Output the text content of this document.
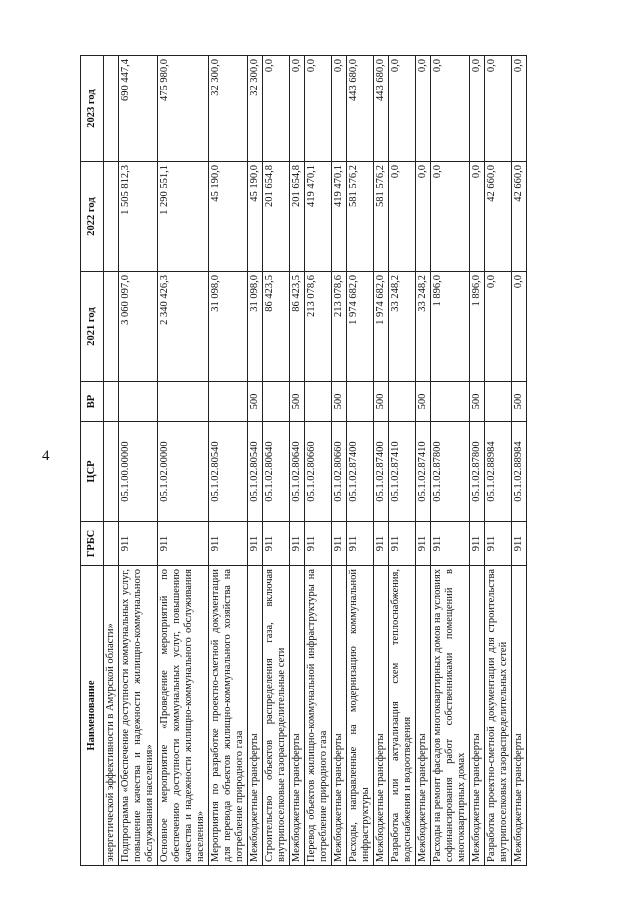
4
Наименование	ГРБС	ЦСР	ВР	2021 год	2022 год	2023 год
энергетической эффективности в Амурской области»						
Подпрограмма «Обеспечение доступности коммунальных услуг, повышение качества и надежности жилищно-коммунального обслуживания населения»	911	05.1.00.00000		3 060 097,0	1 505 812,3	690 447,4
Основное мероприятие «Проведение мероприятий по обеспечению доступности коммунальных услуг, повышению качества и надежности жилищно-коммунального обслуживания населения»	911	05.1.02.00000		2 340 426,3	1 290 551,1	475 980,0
Мероприятия по разработке проектно-сметной документации для перевода объектов жилищно-коммунального хозяйства на потребление природного газа	911	05.1.02.80540		31 098,0	45 190,0	32 300,0
Межбюджетные трансферты	911	05.1.02.80540	500	31 098,0	45 190,0	32 300,0
Строительство объектов распределения газа, включая внутрипоселковые газораспределительные сети	911	05.1.02.80640		86 423,5	201 654,8	0,0
Межбюджетные трансферты	911	05.1.02.80640	500	86 423,5	201 654,8	0,0
Перевод объектов жилищно-коммунальной инфраструктуры на потребление природного газа	911	05.1.02.80660		213 078,6	419 470,1	0,0
Межбюджетные трансферты	911	05.1.02.80660	500	213 078,6	419 470,1	0,0
Расходы, направленные на модернизацию коммунальной инфраструктуры	911	05.1.02.87400		1 974 682,0	581 576,2	443 680,0
Межбюджетные трансферты	911	05.1.02.87400	500	1 974 682,0	581 576,2	443 680,0
Разработка или актуализация схем теплоснабжения, водоснабжения и водоотведения	911	05.1.02.87410		33 248,2	0,0	0,0
Межбюджетные трансферты	911	05.1.02.87410	500	33 248,2	0,0	0,0
Расходы на ремонт фасадов многоквартирных домов на условиях софинансирования работ собственниками помещений в многоквартирных домах	911	05.1.02.87800		1 896,0	0,0	0,0
Межбюджетные трансферты	911	05.1.02.87800	500	1 896,0	0,0	0,0
Разработка проектно-сметной документации для строительства внутрипоселковых газораспределительных сетей	911	05.1.02.88984		0,0	42 660,0	0,0
Межбюджетные трансферты	911	05.1.02.88984	500	0,0	42 660,0	0,0
